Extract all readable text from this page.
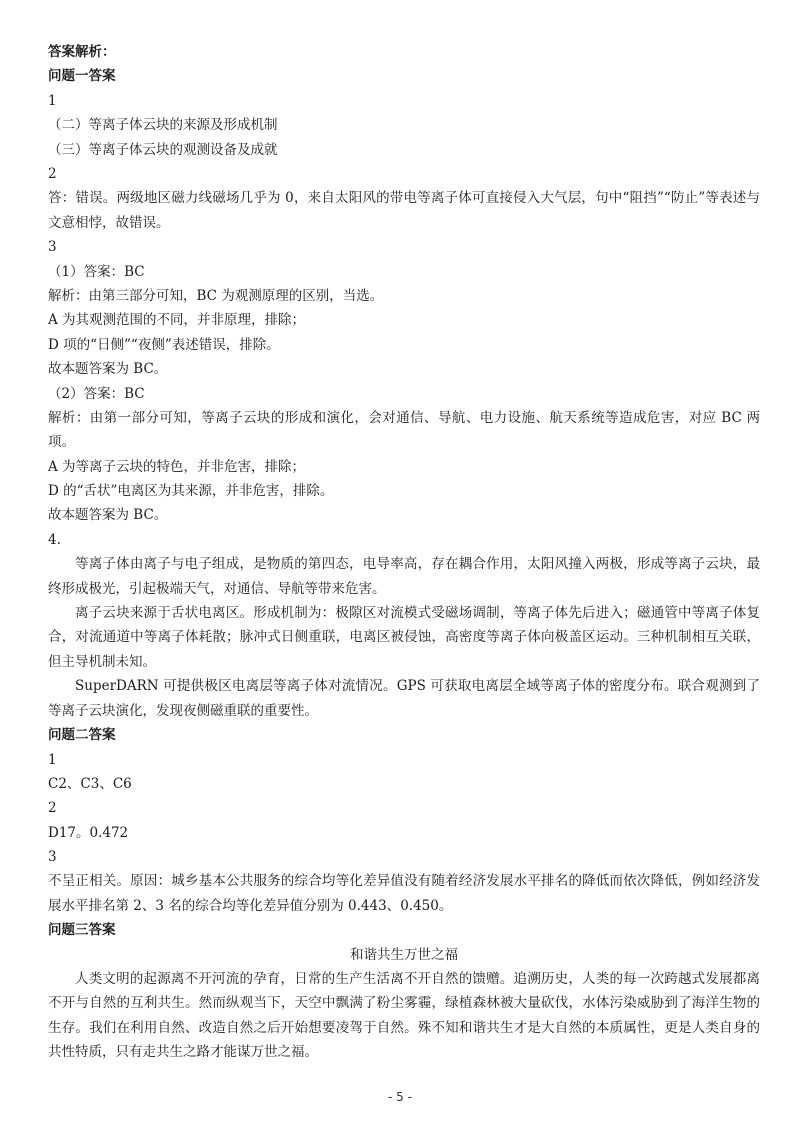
答案解析：
问题一答案
1
（二）等离子体云块的来源及形成机制
（三）等离子体云块的观测设备及成就
2
答：错误。两级地区磁力线磁场几乎为 0，来自太阳风的带电等离子体可直接侵入大气层，句中“阻挡”“防止”等表述与文意相悖，故错误。
3
（1）答案：BC
解析：由第三部分可知，BC 为观测原理的区别，当选。
A 为其观测范围的不同，并非原理，排除；
D 项的“日侧”“夜侧”表述错误，排除。
故本题答案为 BC。
（2）答案：BC
解析：由第一部分可知，等离子云块的形成和演化，会对通信、导航、电力设施、航天系统等造成危害，对应 BC 两项。
A 为等离子云块的特色，并非危害，排除；
D 的“舌状”电离区为其来源，并非危害，排除。
故本题答案为 BC。
4.
等离子体由离子与电子组成，是物质的第四态，电导率高，存在耦合作用，太阳风撞入两极，形成等离子云块，最终形成极光，引起极端天气，对通信、导航等带来危害。
离子云块来源于舌状电离区。形成机制为：极隙区对流模式受磁场调制，等离子体先后进入；磁通管中等离子体复合，对流通道中等离子体耗散；脉冲式日侧重联，电离区被侵蚀，高密度等离子体向极盖区运动。三种机制相互关联，但主导机制未知。
SuperDARN 可提供极区电离层等离子体对流情况。GPS 可获取电离层全域等离子体的密度分布。联合观测到了等离子云块演化，发现夜侧磁重联的重要性。
问题二答案
1
C2、C3、C6
2
D17。0.472
3
不呈正相关。原因：城乡基本公共服务的综合均等化差异值没有随着经济发展水平排名的降低而依次降低，例如经济发展水平排名第 2、3 名的综合均等化差异值分别为 0.443、0.450。
问题三答案
和谐共生万世之福
人类文明的起源离不开河流的孕育，日常的生产生活离不开自然的馈赠。追溯历史，人类的每一次跨越式发展都离不开与自然的互利共生。然而纵观当下，天空中飘满了粉尘雾霾，绿植森林被大量砍伐，水体污染威胁到了海洋生物的生存。我们在利用自然、改造自然之后开始想要凌驾于自然。殊不知和谐共生才是大自然的本质属性，更是人类自身的共性特质，只有走共生之路才能谋万世之福。
- 5 -
